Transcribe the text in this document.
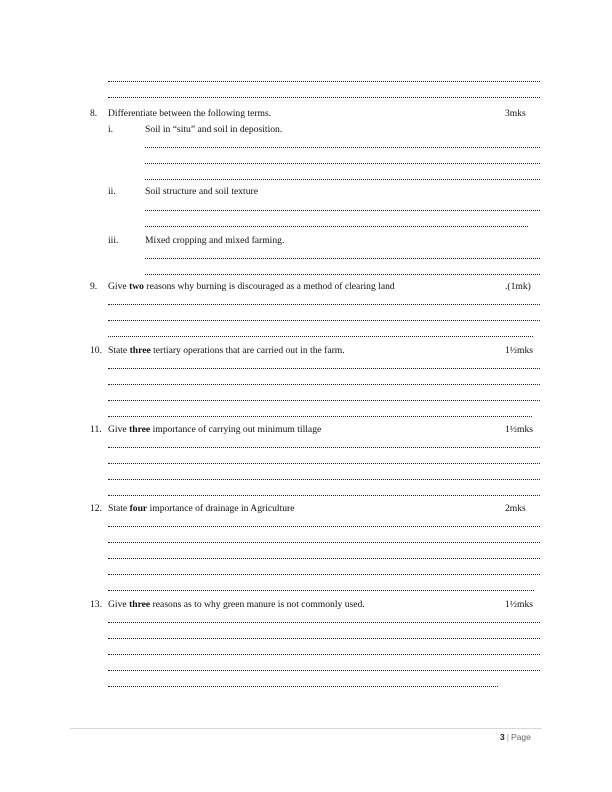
8. Differentiate between the following terms.	3mks
i.	Soil in “situ” and soil in deposition.
ii.	Soil structure and soil texture
iii.	Mixed cropping and mixed farming.
9. Give two reasons why burning is discouraged as a method of clearing land	.(1mk)
10. State three tertiary operations that are carried out in the farm.	1½mks
11. Give three importance of carrying out minimum tillage	1½mks
12. State four importance of drainage in Agriculture	2mks
13. Give three reasons as to why green manure is not commonly used.	1½mks
3 | Page
